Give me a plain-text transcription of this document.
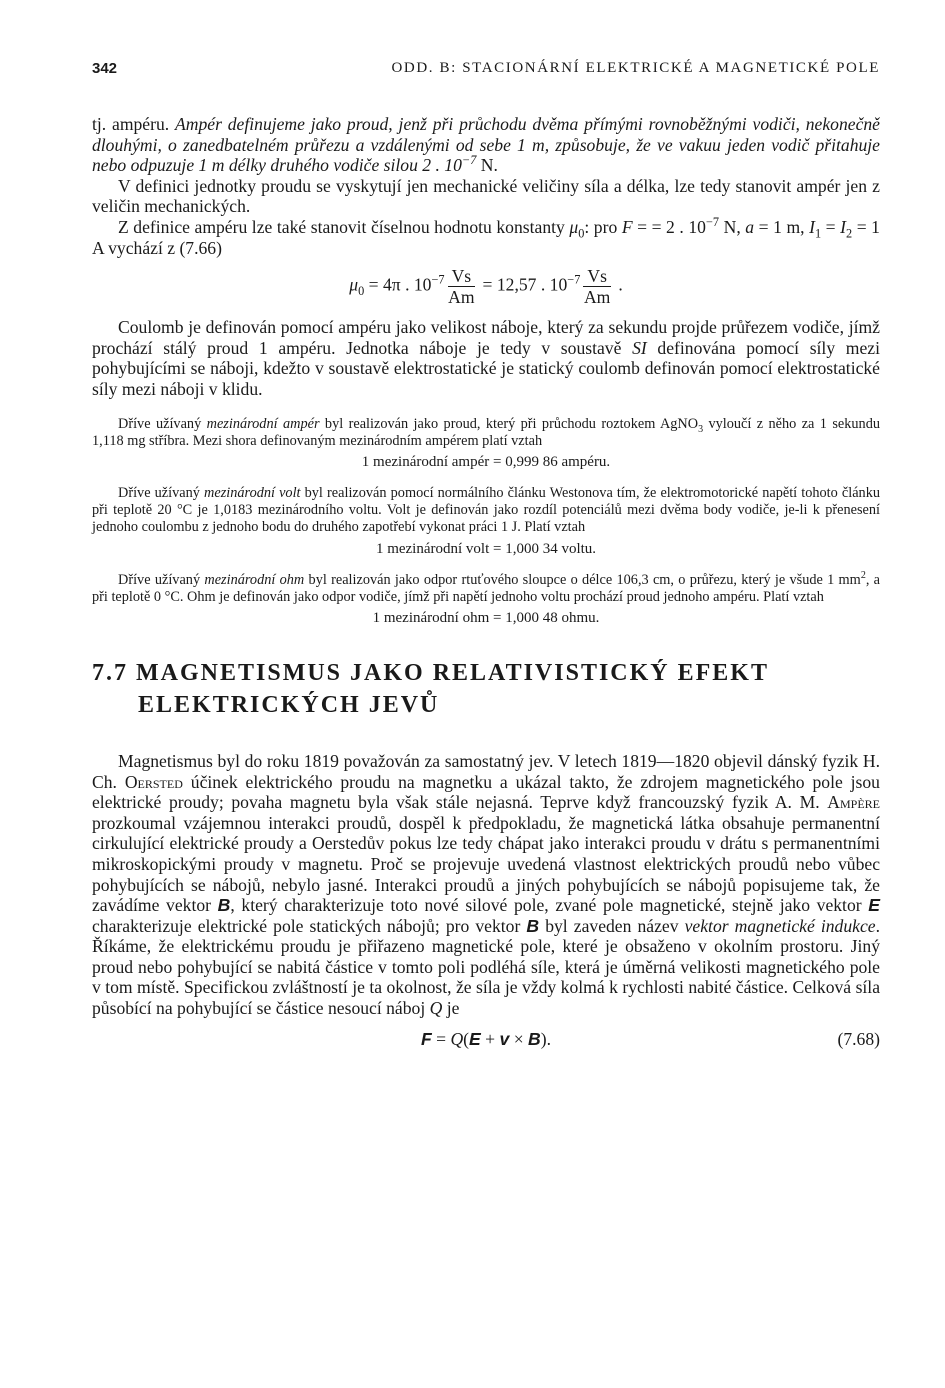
342	ODD. B: STACIONÁRNÍ ELEKTRICKÉ A MAGNETICKÉ POLE

tj. ampéru. Ampér definujeme jako proud, jenž při průchodu dvěma přímými rovnoběžnými vodiči, nekonečně dlouhými, o zanedbatelném průřezu a vzdálenými od sebe 1 m, způsobuje, že ve vakuu jeden vodič přitahuje nebo odpuzuje 1 m délky druhého vodiče silou 2 . $10^{-7}$ N.

V definici jednotky proudu se vyskytují jen mechanické veličiny síla a délka, lze tedy stanovit ampér jen z veličin mechanických.

Z definice ampéru lze také stanovit číselnou hodnotu konstanty $\mu_0$: pro F = = 2 . $10^{-7}$ N, a = 1 m, $I_1 = I_2 = 1$ A vychází z (7.66)

$\mu_0 = 4\pi$ . $10^{-7} \frac{Vs}{Am} = 12,57$ . $10^{-7} \frac{Vs}{Am}$ .

Coulomb je definován pomocí ampéru jako velikost náboje, který za sekundu projde průřezem vodiče, jímž prochází stálý proud 1 ampéru. Jednotka náboje je tedy v soustavě SI definována pomocí síly mezi pohybujícími se náboji, kdežto v soustavě elektrostatické je statický coulomb definován pomocí elektrostatické síly mezi náboji v klidu.

Dříve užívaný mezinárodní ampér byl realizován jako proud, který při průchodu roztokem AgNO$_3$ vyloučí z něho za 1 sekundu 1,118 mg stříbra. Mezi shora definovaným mezinárodním ampérem platí vztah

1 mezinárodní ampér = 0,999 86 ampéru.

Dříve užívaný mezinárodní volt byl realizován pomocí normálního článku Westonova tím, že elektromotorické napětí tohoto článku při teplotě 20 °C je 1,0183 mezinárodního voltu. Volt je definován jako rozdíl potenciálů mezi dvěma body vodiče, je-li k přenesení jednoho coulombu z jednoho bodu do druhého zapotřebí vykonat práci 1 J. Platí vztah

1 mezinárodní volt = 1,000 34 voltu.

Dříve užívaný mezinárodní ohm byl realizován jako odpor rtuťového sloupce o délce 106,3 cm, o průřezu, který je všude 1 $mm^2$, a při teplotě 0 °C. Ohm je definován jako odpor vodiče, jímž při napětí jednoho voltu prochází proud jednoho ampéru. Platí vztah

1 mezinárodní ohm = 1,000 48 ohmu.
7.7 MAGNETISMUS JAKO RELATIVISTICKÝ EFEKT
ELEKTRICKÝCH JEVŮ

Magnetismus byl do roku 1819 považován za samostatný jev. V letech 1819—1820 objevil dánský fyzik H. Ch. Oersted účinek elektrického proudu na magnetku a ukázal takto, že zdrojem magnetického pole jsou elektrické proudy; povaha magnetu byla však stále nejasná. Teprve když francouzský fyzik A. M. Ampère prozkoumal vzájemnou interakci proudů, dospěl k předpokladu, že magnetická látka obsahuje permanentní cirkulující elektrické proudy a Oerstedův pokus lze tedy chápat jako interakci proudu v drátu s permanentními mikroskopickými proudy v magnetu. Proč se projevuje uvedená vlastnost elektrických proudů nebo vůbec pohybujících se nábojů, nebylo jasné. Interakci proudů a jiných pohybujících se nábojů popisujeme tak, že zavádíme vektor B, který charakterizuje toto nové silové pole, zvané pole magnetické, stejně jako vektor E charakterizuje elektrické pole statických nábojů; pro vektor B byl zaveden název vektor magnetické indukce. Říkáme, že elektrickému proudu je přiřazeno magnetické pole, které je obsaženo v okolním prostoru. Jiný proud nebo pohybující se nabitá částice v tomto poli podléhá síle, která je úměrná velikosti magnetického pole v tom místě. Specifickou zvláštností je ta okolnost, že síla je vždy kolmá k rychlosti nabité částice. Celková síla působící na pohybující se částice nesoucí náboj Q je

F = Q(E + v × B).	(7.68)
